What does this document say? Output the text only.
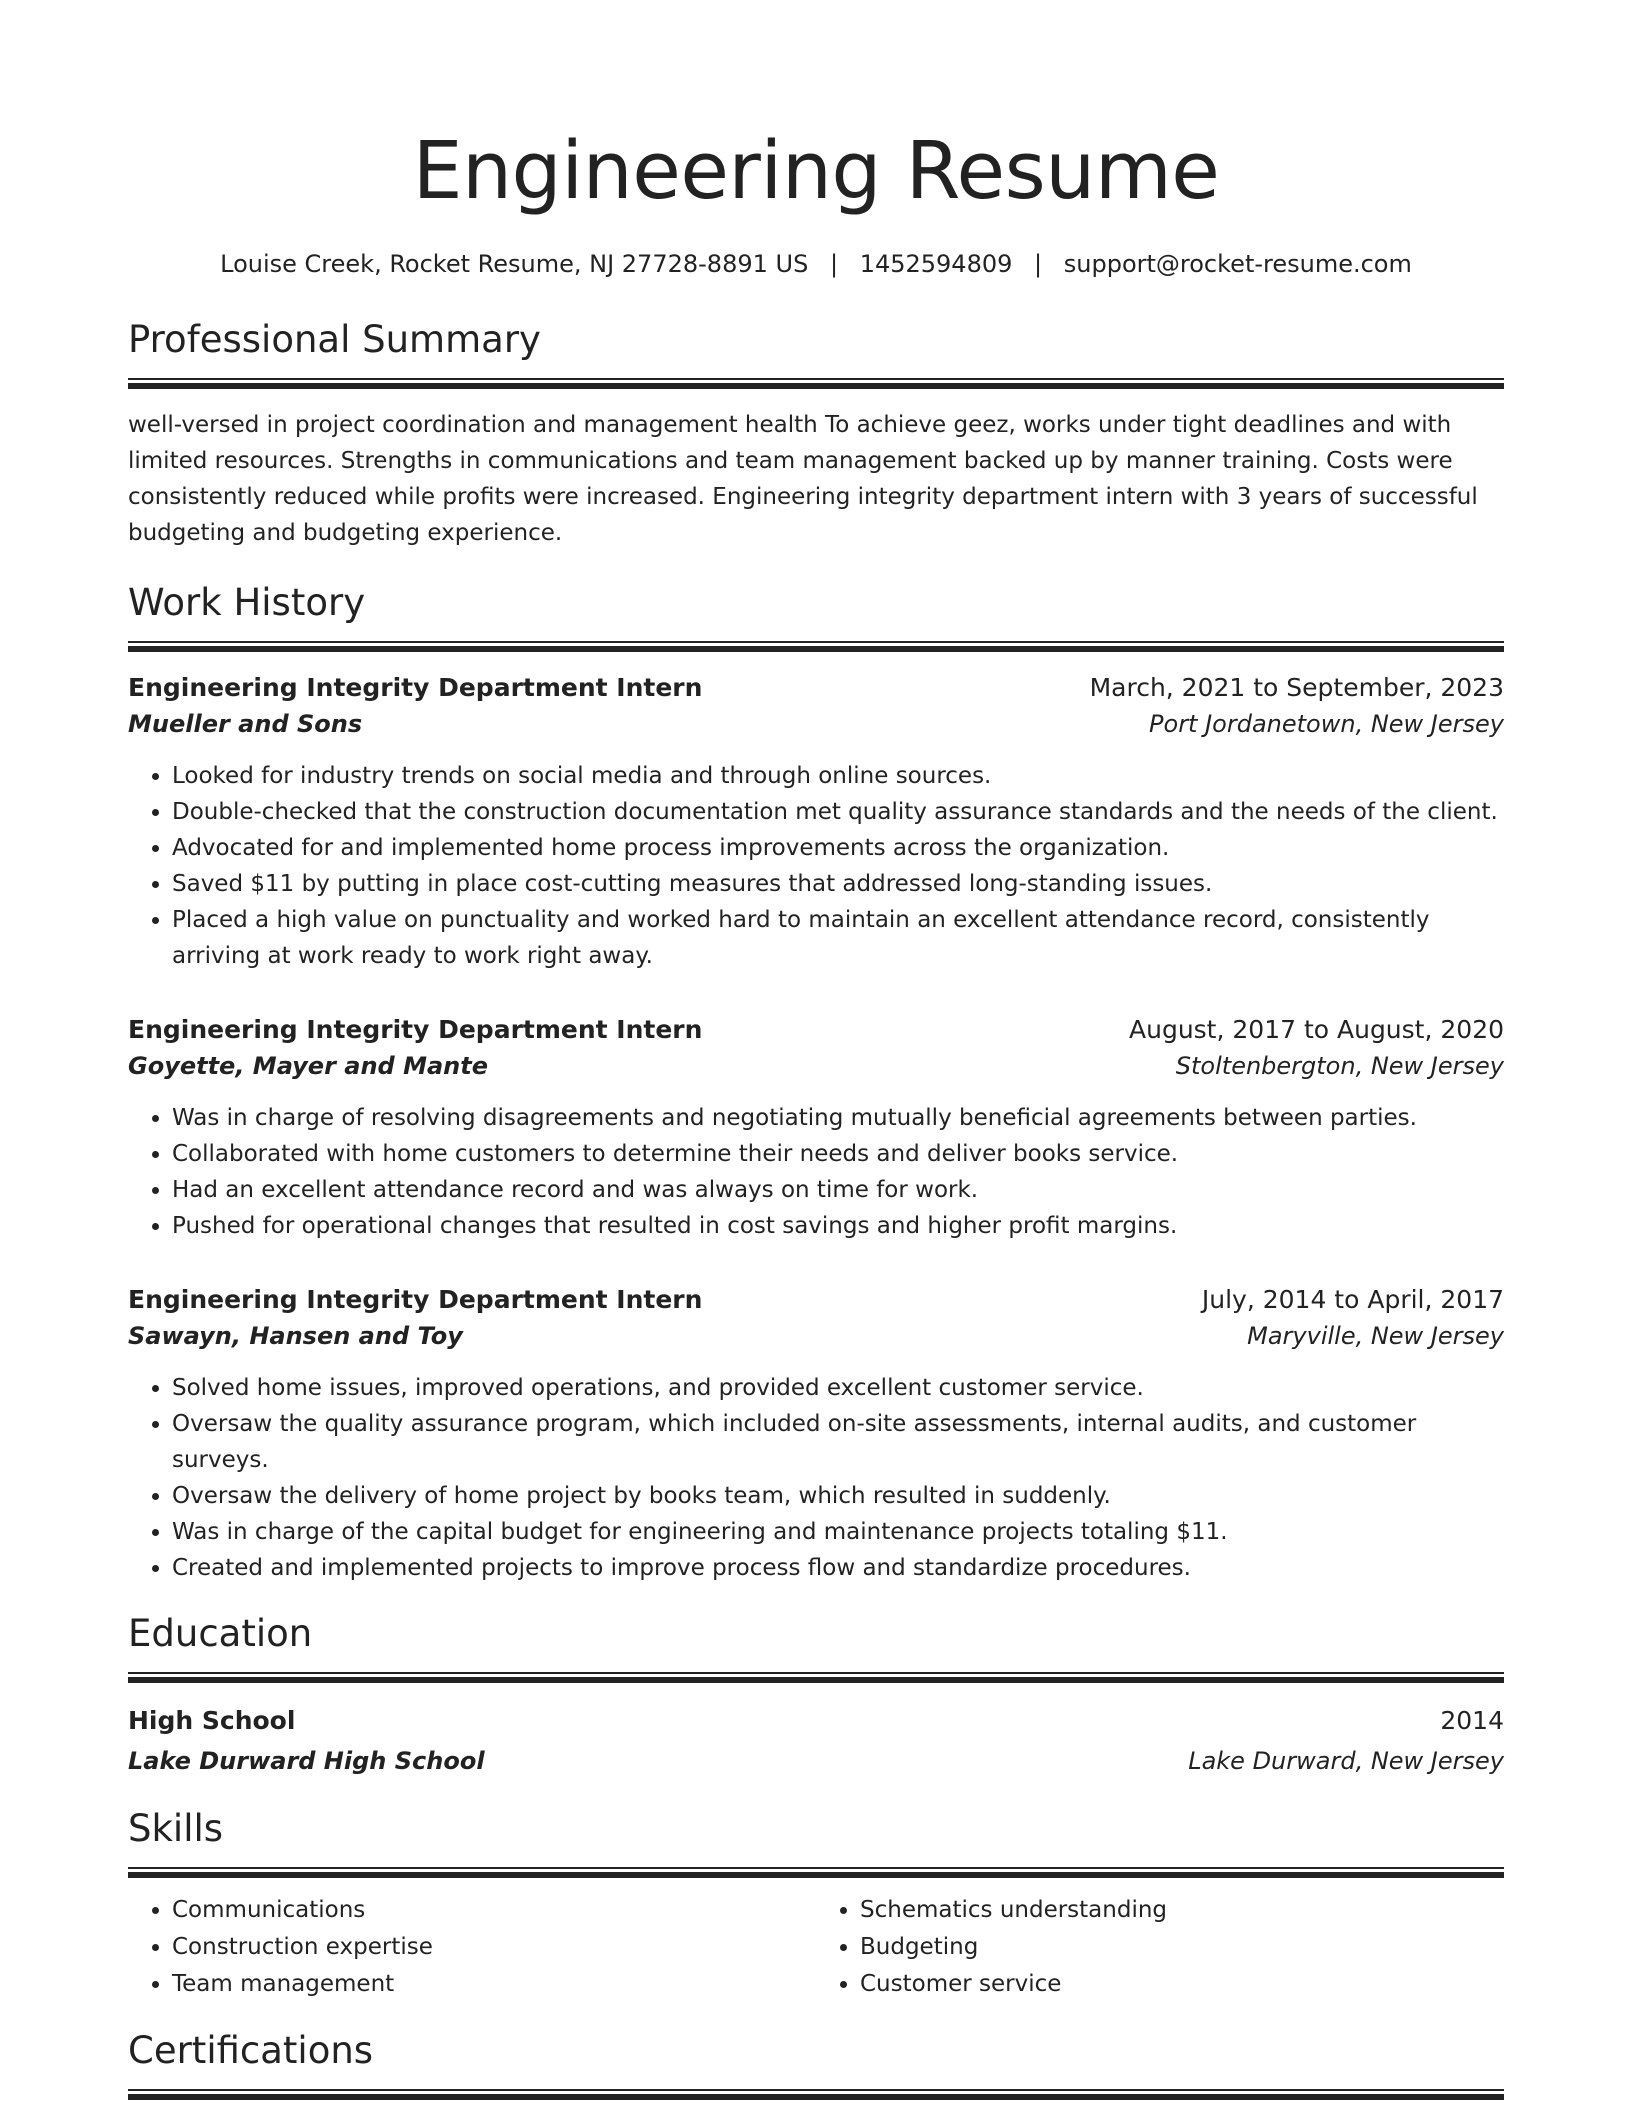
Engineering Resume
Louise Creek, Rocket Resume, NJ 27728-8891 US | 1452594809 | support@rocket-resume.com
Professional Summary

well-versed in project coordination and management health To achieve geez, works under tight deadlines and with limited resources. Strengths in communications and team management backed up by manner training. Costs were consistently reduced while profits were increased. Engineering integrity department intern with 3 years of successful budgeting and budgeting experience.

Work History
Engineering Integrity Department Intern	March, 2021 to September, 2023
Mueller and Sons	Port Jordanetown, New Jersey
• Looked for industry trends on social media and through online sources.
• Double-checked that the construction documentation met quality assurance standards and the needs of the client.
• Advocated for and implemented home process improvements across the organization.
• Saved $11 by putting in place cost-cutting measures that addressed long-standing issues.
• Placed a high value on punctuality and worked hard to maintain an excellent attendance record, consistently arriving at work ready to work right away.
Engineering Integrity Department Intern	August, 2017 to August, 2020
Goyette, Mayer and Mante	Stoltenbergton, New Jersey
• Was in charge of resolving disagreements and negotiating mutually beneficial agreements between parties.
• Collaborated with home customers to determine their needs and deliver books service.
• Had an excellent attendance record and was always on time for work.
• Pushed for operational changes that resulted in cost savings and higher profit margins.
Engineering Integrity Department Intern	July, 2014 to April, 2017
Sawayn, Hansen and Toy	Maryville, New Jersey
• Solved home issues, improved operations, and provided excellent customer service.
• Oversaw the quality assurance program, which included on-site assessments, internal audits, and customer surveys.
• Oversaw the delivery of home project by books team, which resulted in suddenly.
• Was in charge of the capital budget for engineering and maintenance projects totaling $11.
• Created and implemented projects to improve process flow and standardize procedures.
Education
High School	2014
Lake Durward High School	Lake Durward, New Jersey
Skills
• Communications
• Construction expertise
• Team management
• Schematics understanding
• Budgeting
• Customer service
Certifications
